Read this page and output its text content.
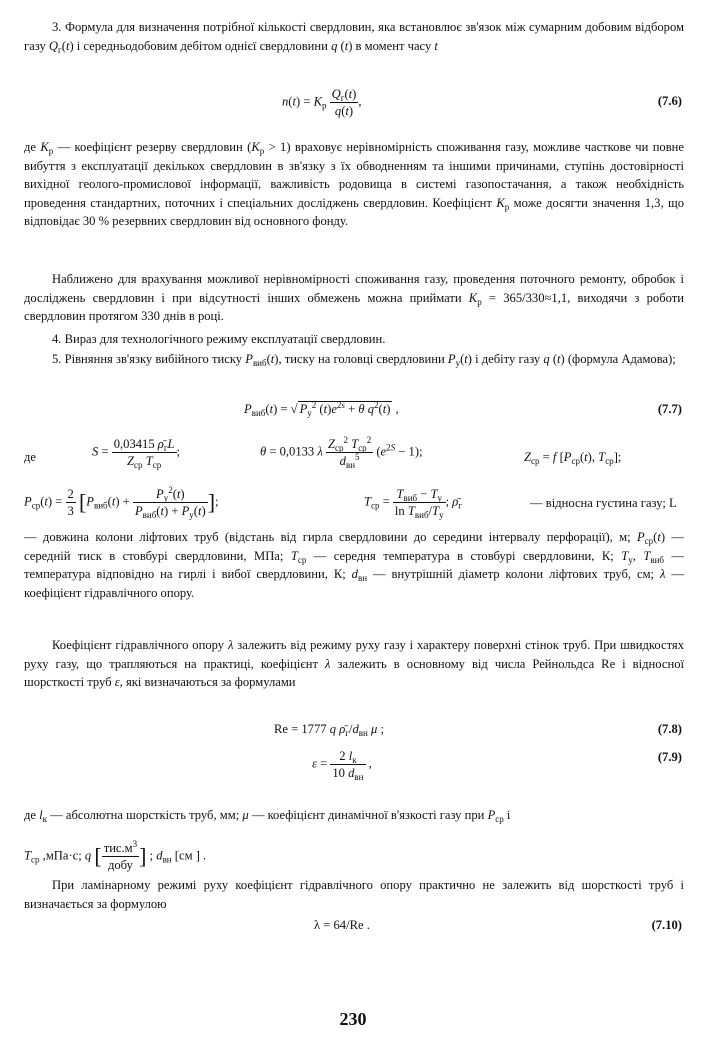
3. Формула для визначення потрібної кількості свердловин, яка встановлює зв'язок між сумарним добовим відбором газу $Q_г(t)$ і середньодобовим дебітом однієї свердловини q (t) в момент часу t

$n(t) = K_р \frac{Q_г(t)}{q(t)}$ ,	(7.6)

де $K_р$ — коефіцієнт резерву свердловин $(K_р > 1)$ враховує нерівномірність споживання газу, можливе часткове чи повне вибуття з експлуатації декількох свердловин в зв'язку з їх обводненням та іншими причинами, ступінь достовірності вихідної геолого-промислової інформації, важливість родовища в системі газопостачання, а також необхідність проведення стандартних, поточних і спеціальних досліджень свердловин. Коефіцієнт $K_р$ може досягти значення 1,3, що відповідає 30 % резервних свердловин від основного фонду.

Наближено для врахування можливої нерівномірності споживання газу, проведення поточного ремонту, обробок і досліджень свердловин і при відсутності інших обмежень можна приймати $K_р = 365/330\approx 1,1$, виходячи з роботи свердловин протягом 330 днів в році.

4. Вираз для технологічного режиму експлуатації свердловин.

5. Рівняння зв'язку вибійного тиску $P_{виб}(t)$, тиску на головці свердловини $P_у(t)$ і дебіту газу q (t) (формула Адамова);

$P_{виб}(t)$ = √ $P_у^2$ $(t)e^{2s} + \theta$ $q^2(t)$ ,	(7.7)
де	$S = \frac{0,03415 \rhō_гL}{Z_{ср} T_{ср}}$ ;	θ = 0,0133 λ $\frac{Z_{ср}^2 T_{ср}^2}{d_{вн}^5} (e^{2S} - 1)$;	$Z_{ср} = f$ [$P_{ср}(t)$, $T_{ср}$];
$P_{ср}(t) = \frac{2}{3} [P_{виб}(t) + \frac{P_у^2(t)}{P_{виб}(t) + P_у(t)}$ ];	$T_{ср} = \frac{T_{виб} - T_у}{\ln T_{виб}/T_у}$ ; $\rhō_г$	— відносна густина газу; L

— довжина колони ліфтових труб (відстань від гирла свердловини до середини інтервалу перфорації), м; $P_{ср}(t)$ — середній тиск в стовбурі свердловини, МПа; $T_{ср}$ — середня температура в стовбурі свердловини, К; $T_у$, $T_{виб}$ — температура відповідно на гирлі і вибої свердловини, К; $d_{вн}$ — внутрішній діаметр колони ліфтових труб, см; λ — коефіцієнт гідравлічного опору.

Коефіцієнт гідравлічного опору λ залежить від режиму руху газу і характеру поверхні стінок труб. При швидкостях руху газу, що трапляються на практиці, коефіцієнт λ залежить в основному від числа Рейнольдса Re і відносної шорсткості труб ε, які визначаються за формулами

Re = 1777 q $\rhō_г/d_{вн}$ μ ;	(7.8)
$\varepsilon = \frac{2 l_к}{10 d_{вн}}$ ,	(7.9)

де $l_к$ — абсолютна шорсткість труб, мм; μ — коефіцієнт динамічної в'язкості газу при $P_{ср}$ і

$T_{ср}$ ,мПа·с; q [ $\frac{тис.м^3}{\text{добу}}$ ] ; $d_{вн}$ [см ] .

При ламінарному режимі руху коефіцієнт гідравлічного опору практично не залежить від шорсткості труб і визначається за формулою

λ = 64/Re .	(7.10)
230
